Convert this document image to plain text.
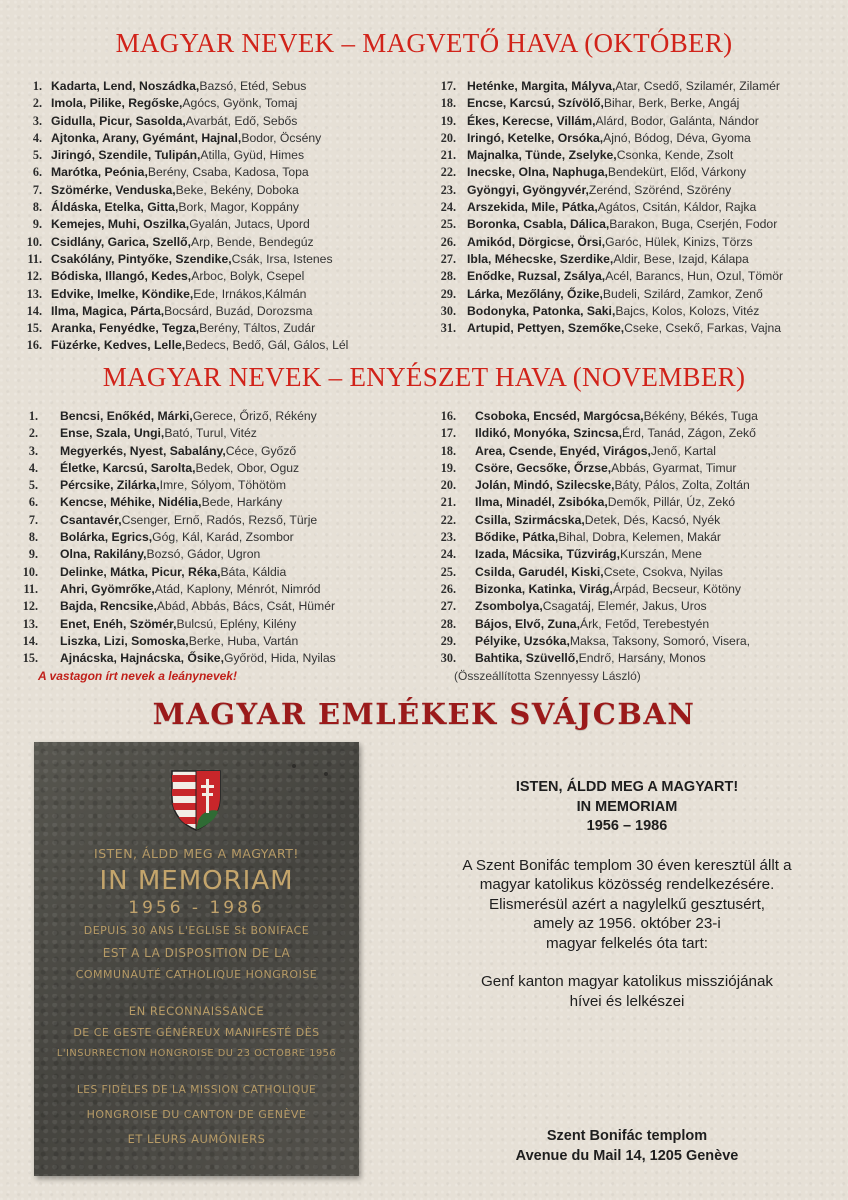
MAGYAR NEVEK – MAGVETŐ HAVA (OKTÓBER)
1. Kadarta, Lend, Noszádka, Bazsó, Etéd, Sebus
2. Imola, Pilike, Regőske, Agócs, Gyönk, Tomaj
3. Gidulla, Picur, Sasolda, Avarbát, Edő, Sebős
4. Ajtonka, Arany, Gyémánt, Hajnal, Bodor, Öcsény
5. Jiringó, Szendile, Tulipán, Atilla, Gyüd, Himes
6. Marótka, Peónia, Berény, Csaba, Kadosa, Topa
7. Szömérke, Venduska, Beke, Bekény, Doboka
8. Áldáska, Etelka, Gitta, Bork, Magor, Koppány
9. Kemejes, Muhi, Oszilka, Gyalán, Jutacs, Upord
10. Csidlány, Garica, Szellő, Arp, Bende, Bendegúz
11. Csakólány, Pintyőke, Szendike, Csák, Irsa, Istenes
12. Bódiska, Illangó, Kedes, Arboc, Bolyk, Csepel
13. Edvike, Imelke, Köndike, Ede, Irnákos,Kálmán
14. Ilma, Magica, Párta, Bocsárd, Buzád, Dorozsma
15. Aranka, Fenyédke, Tegza, Berény, Táltos, Zudár
16. Füzérke, Kedves, Lelle, Bedecs, Bedő, Gál, Gálos, Lél
17. Heténke, Margita, Mályva, Atar, Csedő, Szilamér, Zilamér
18. Encse, Karcsú, Szívölő, Bihar, Berk, Berke, Angáj
19. Ékes, Kerecse, Villám, Alárd, Bodor, Galánta, Nándor
20. Iringó, Ketelke, Orsóka, Ajnó, Bódog, Déva, Gyoma
21. Majnalka, Tünde, Zselyke, Csonka, Kende, Zsolt
22. Inecske, Olna, Naphuga, Bendekürt, Előd, Várkony
23. Gyöngyi, Gyöngyvér, Zerénd, Szörénd, Szörény
24. Arszekida, Mile, Pátka, Agátos, Csitán, Káldor, Rajka
25. Boronka, Csabla, Dálica, Barakon, Buga, Cserjén, Fodor
26. Amikód, Dörgicse, Örsi, Garóc, Hülek, Kinizs, Törzs
27. Ibla, Méhecske, Szerdike, Aldir, Bese, Izajd, Kálapa
28. Enődke, Ruzsal, Zsálya, Acél, Barancs, Hun, Ozul, Tömör
29. Lárka, Mezőlány, Őzike, Budeli, Szilárd, Zamkor, Zenő
30. Bodonyka, Patonka, Saki, Bajcs, Kolos, Kolozs, Vitéz
31. Artupid, Pettyen, Szemőke, Cseke, Csekő, Farkas, Vajna
MAGYAR NEVEK – ENYÉSZET HAVA (NOVEMBER)
1. Bencsi, Enőkéd, Márki, Gerece, Őriző, Rékény
2. Ense, Szala, Ungi, Bató, Turul, Vitéz
3. Megyerkés, Nyest, Sabalány, Céce, Győző
4. Életke, Karcsú, Sarolta, Bedek, Obor, Oguz
5. Pércsike, Zilárka, Imre, Sólyom, Töhötöm
6. Kencse, Méhike, Nidélia, Bede, Harkány
7. Csantavér, Csenger, Ernő, Radós, Rezső, Türje
8. Bolárka, Egrics, Góg, Kál, Karád, Zsombor
9. Olna, Rakilány, Bozsó, Gádor, Ugron
10. Delinke, Mátka, Picur, Réka, Báta, Káldia
11. Ahri, Gyömrőke, Atád, Kaplony, Ménrót, Nimród
12. Bajda, Rencsike, Abád, Abbás, Bács, Csát, Hümér
13. Enet, Enéh, Szömér, Bulcsú, Eplény, Kilény
14. Liszka, Lizi, Somoska, Berke, Huba, Vartán
15. Ajnácska, Hajnácska, Ősike, Győröd, Hida, Nyilas
16. Csoboka, Encséd, Margócsa, Békény, Békés, Tuga
17. Ildikó, Monyóka, Szincsa, Érd, Tanád, Zágon, Zekő
18. Area, Csende, Enyéd, Virágos, Jenő, Kartal
19. Csöre, Gecsőke, Őrzse, Abbás, Gyarmat, Timur
20. Jolán, Mindó, Szilecske, Báty, Pálos, Zolta, Zoltán
21. Ilma, Minadél, Zsibóka, Demők, Pillár, Úz, Zekó
22. Csilla, Szirmácska, Detek, Dés, Kacsó, Nyék
23. Bődike, Pátka, Bihal, Dobra, Kelemen, Makár
24. Izada, Mácsika, Tűzvirág, Kurszán, Mene
25. Csilda, Garudél, Kiski, Csete, Csokva, Nyilas
26. Bizonka, Katinka, Virág, Árpád, Becseur, Kötöny
27. Zsombolya, Csagatáj, Elemér, Jakus, Uros
28. Bájos, Elvő, Zuna, Árk, Fetőd, Terebestyén
29. Pélyike, Uzsóka, Maksa, Taksony, Somoró, Visera,
30. Bahtika, Szüvellő, Endrő, Harsány, Monos
A vastagon írt nevek a leánynevek!	(Összeállította Szennyessy László)
MAGYAR EMLÉKEK SVÁJCBAN
ISTEN, ÁLDD MEG A MAGYART!
IN MEMORIAM
1956 - 1986
DEPUIS 30 ANS L'EGLISE St BONIFACE
EST A LA DISPOSITION DE LA
COMMUNAUTÉ CATHOLIQUE HONGROISE
EN RECONNAISSANCE
DE CE GESTE GÉNÉREUX MANIFESTÉ DÈS
L'INSURRECTION HONGROISE DU 23 OCTOBRE 1956
LES FIDÈLES DE LA MISSION CATHOLIQUE
HONGROISE DU CANTON DE GENÈVE
ET LEURS AUMÔNIERS
ISTEN, ÁLDD MEG A MAGYART!
IN MEMORIAM
1956 – 1986
A Szent Bonifác templom 30 éven keresztül állt a
magyar katolikus közösség rendelkezésére.
Elismerésül azért a nagylelkű gesztusért,
amely az 1956. október 23-i
magyar felkelés óta tart:
Genf kanton magyar katolikus missziójának
hívei és lelkészei
Szent Bonifác templom
Avenue du Mail 14, 1205 Genève
